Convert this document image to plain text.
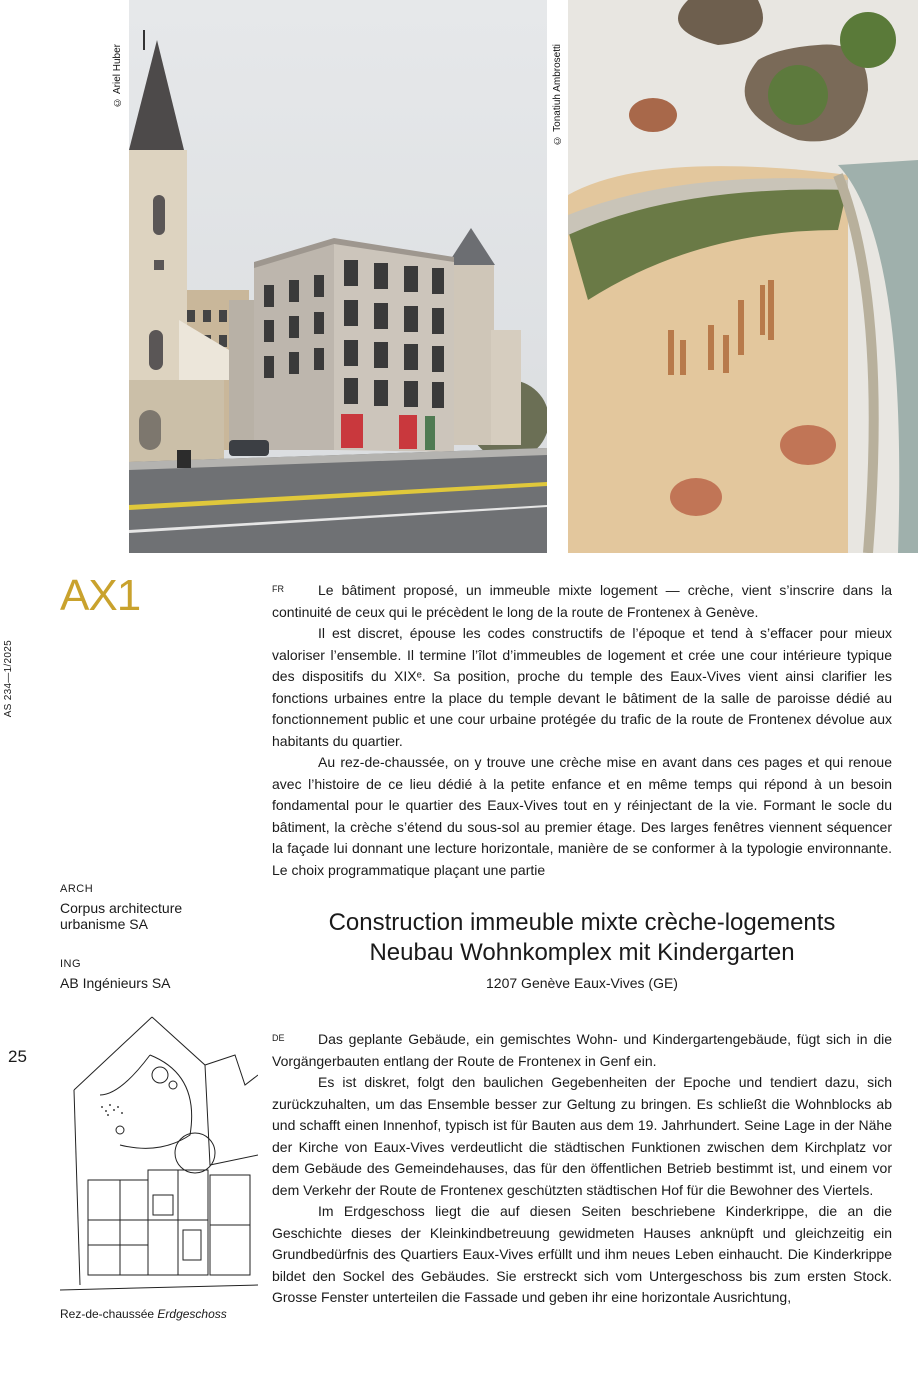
© Ariel Huber	© Tonatiuh Ambrosetti
AX1
AS 234—1/2025
FR	Le bâtiment proposé, un immeuble mixte logement — crèche, vient s’inscrire dans la continuité de ceux qui le précèdent le long de la route de Frontenex à Genève.

Il est discret, épouse les codes constructifs de l’époque et tend à s’effacer pour mieux valoriser l’ensemble. Il termine l’îlot d’immeubles de logement et crée une cour intérieure typique des dispositifs du XIXᵉ. Sa position, proche du temple des Eaux-Vives vient ainsi clarifier les fonctions urbaines entre la place du temple devant le bâtiment de la salle de paroisse dédié au fonctionnement public et une cour urbaine protégée du trafic de la route de Frontenex dévolue aux habitants du quartier.

Au rez-de-chaussée, on y trouve une crèche mise en avant dans ces pages et qui renoue avec l’histoire de ce lieu dédié à la petite enfance et en même temps qui répond à un besoin fondamental pour le quartier des Eaux-Vives tout en y réinjectant de la vie. Formant le socle du bâtiment, la crèche s’étend du sous-sol au premier étage. Des larges fenêtres viennent séquencer la façade lui donnant une lecture horizontale, manière de se conformer à la typologie environnante. Le choix programmatique plaçant une partie

ARCH
Corpus architecture
urbanisme SA
ING
AB Ingénieurs SA
Construction immeuble mixte crèche-logements
Neubau Wohnkomplex mit Kindergarten
1207 Genève Eaux-Vives (GE)
25
Rez-de-chaussée Erdgeschoss
DE	Das geplante Gebäude, ein gemischtes Wohn- und Kindergartengebäude, fügt sich in die Vorgängerbauten entlang der Route de Frontenex in Genf ein.

Es ist diskret, folgt den baulichen Gegebenheiten der Epoche und tendiert dazu, sich zurückzuhalten, um das Ensemble besser zur Geltung zu bringen. Es schließt die Wohnblocks ab und schafft einen Innenhof, typisch ist für Bauten aus dem 19. Jahrhundert. Seine Lage in der Nähe der Kirche von Eaux-Vives verdeutlicht die städtischen Funktionen zwischen dem Kirchplatz vor dem Gebäude des Gemeindehauses, das für den öffentlichen Betrieb bestimmt ist, und einem vor dem Verkehr der Route de Frontenex geschützten städtischen Hof für die Bewohner des Viertels.

Im Erdgeschoss liegt die auf diesen Seiten beschriebene Kinderkrippe, die an die Geschichte dieses der Kleinkindbetreuung gewidmeten Hauses anknüpft und gleichzeitig ein Grundbedürfnis des Quartiers Eaux-Vives erfüllt und ihm neues Leben einhaucht. Die Kinderkrippe bildet den Sockel des Gebäudes. Sie erstreckt sich vom Untergeschoss bis zum ersten Stock. Grosse Fenster unterteilen die Fassade und geben ihr eine horizontale Ausrichtung,
